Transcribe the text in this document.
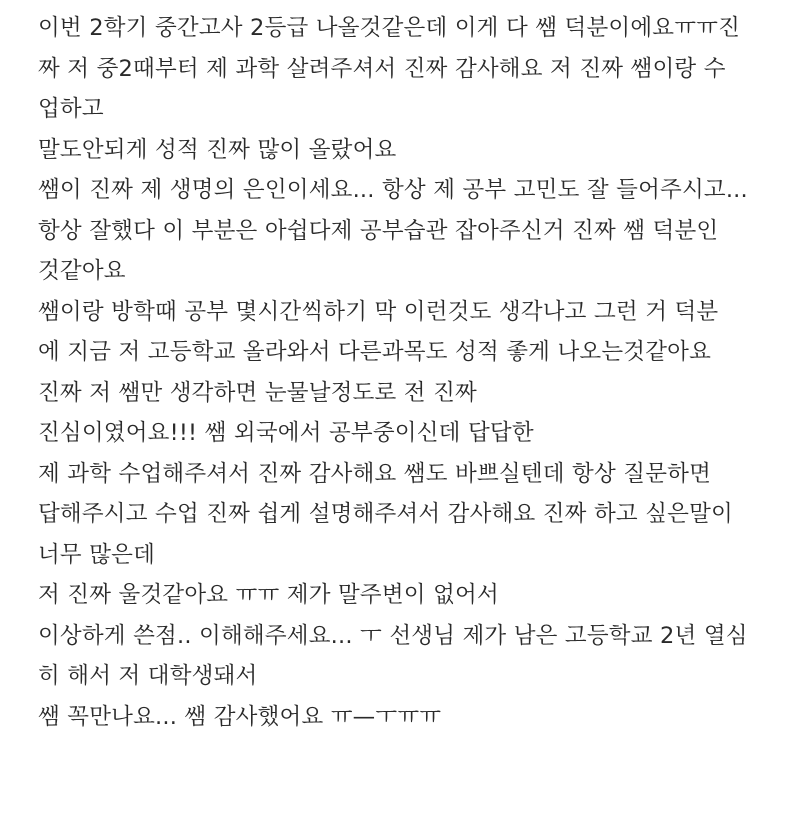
이번 2학기 중간고사 2등급 나올것같은데 이게 다 쌤 덕분이에요ㅠㅠ진
짜 저 중2때부터 제 과학 살려주셔서 진짜 감사해요 저 진짜 쌤이랑 수
업하고
말도안되게 성적 진짜 많이 올랐어요
쌤이 진짜 제 생명의 은인이세요... 항상 제 공부 고민도 잘 들어주시고...
항상 잘했다 이 부분은 아쉽다제 공부습관 잡아주신거 진짜 쌤 덕분인
것같아요
쌤이랑 방학때 공부 몇시간씩하기 막 이런것도 생각나고 그런 거 덕분
에 지금 저 고등학교 올라와서 다른과목도 성적 좋게 나오는것같아요
진짜 저 쌤만 생각하면 눈물날정도로 전 진짜
진심이였어요!!! 쌤 외국에서 공부중이신데 답답한
제 과학 수업해주셔서 진짜 감사해요 쌤도 바쁘실텐데 항상 질문하면
답해주시고 수업 진짜 쉽게 설명해주셔서 감사해요 진짜 하고 싶은말이
너무 많은데
저 진짜 울것같아요 ㅠㅠ 제가 말주변이 없어서
이상하게 쓴점.. 이해해주세요... ㅜ 선생님 제가 남은 고등학교 2년 열심
히 해서 저 대학생돼서
쌤 꼭만나요... 쌤 감사했어요 ㅠ—ㅜㅠㅠ
